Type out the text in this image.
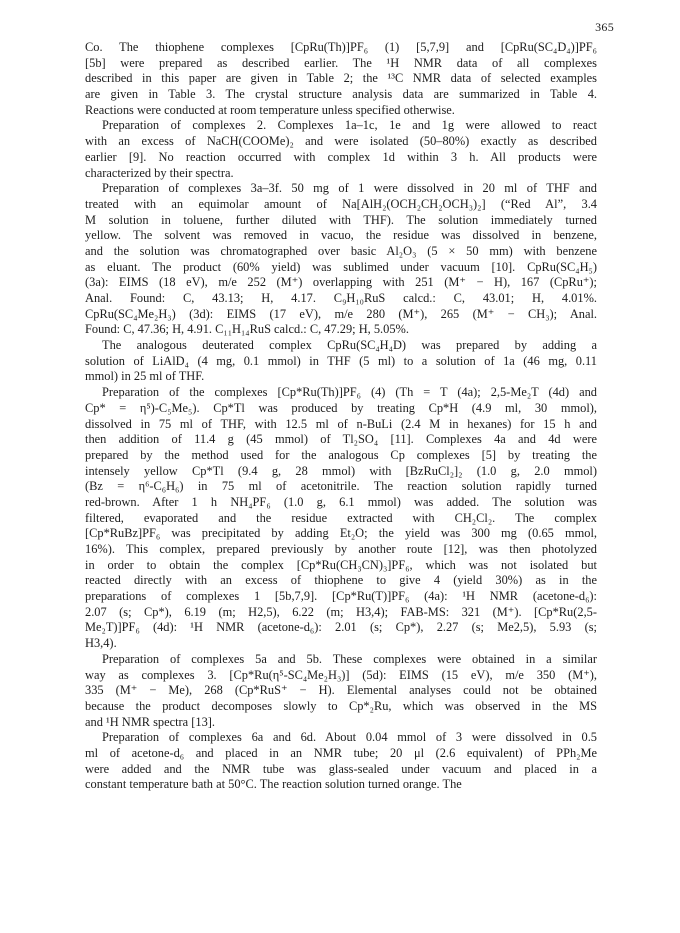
365
Co. The thiophene complexes [CpRu(Th)]PF₆ (1) [5,7,9] and [CpRu(SC₄D₄)]PF₆
[5b] were prepared as described earlier. The ¹H NMR data of all complexes
described in this paper are given in Table 2; the ¹³C NMR data of selected examples
are given in Table 3. The crystal structure analysis data are summarized in Table 4.
Reactions were conducted at room temperature unless specified otherwise.
Preparation of complexes 2. Complexes 1a–1c, 1e and 1g were allowed to react
with an excess of NaCH(COOMe)₂ and were isolated (50–80%) exactly as described
earlier [9]. No reaction occurred with complex 1d within 3 h. All products were
characterized by their spectra.
Preparation of complexes 3a–3f. 50 mg of 1 were dissolved in 20 ml of THF and
treated with an equimolar amount of Na[AlH₂(OCH₂CH₂OCH₃)₂] (“Red Al”, 3.4
M solution in toluene, further diluted with THF). The solution immediately turned
yellow. The solvent was removed in vacuo, the residue was dissolved in benzene,
and the solution was chromatographed over basic Al₂O₃ (5 × 50 mm) with benzene
as eluant. The product (60% yield) was sublimed under vacuum [10]. CpRu(SC₄H₅)
(3a): EIMS (18 eV), m/e 252 (M⁺) overlapping with 251 (M⁺ − H), 167 (CpRu⁺);
Anal. Found: C, 43.13; H, 4.17. C₉H₁₀RuS calcd.: C, 43.01; H, 4.01%.
CpRu(SC₄Me₂H₃) (3d): EIMS (17 eV), m/e 280 (M⁺), 265 (M⁺ − CH₃); Anal.
Found: C, 47.36; H, 4.91. C₁₁H₁₄RuS calcd.: C, 47.29; H, 5.05%.
The analogous deuterated complex CpRu(SC₄H₄D) was prepared by adding a
solution of LiAlD₄ (4 mg, 0.1 mmol) in THF (5 ml) to a solution of 1a (46 mg, 0.11
mmol) in 25 ml of THF.
Preparation of the complexes [Cp*Ru(Th)]PF₆ (4) (Th = T (4a); 2,5-Me₂T (4d) and
Cp* = η⁵)-C₅Me₅). Cp*Tl was produced by treating Cp*H (4.9 ml, 30 mmol),
dissolved in 75 ml of THF, with 12.5 ml of n-BuLi (2.4 M in hexanes) for 15 h and
then addition of 11.4 g (45 mmol) of Tl₂SO₄ [11]. Complexes 4a and 4d were
prepared by the method used for the analogous Cp complexes [5] by treating the
intensely yellow Cp*Tl (9.4 g, 28 mmol) with [BzRuCl₂]₂ (1.0 g, 2.0 mmol)
(Bz = η⁶-C₆H₆) in 75 ml of acetonitrile. The reaction solution rapidly turned
red-brown. After 1 h NH₄PF₆ (1.0 g, 6.1 mmol) was added. The solution was
filtered, evaporated and the residue extracted with CH₂Cl₂. The complex
[Cp*RuBz]PF₆ was precipitated by adding Et₂O; the yield was 300 mg (0.65 mmol,
16%). This complex, prepared previously by another route [12], was then photolyzed
in order to obtain the complex [Cp*Ru(CH₃CN)₃]PF₆, which was not isolated but
reacted directly with an excess of thiophene to give 4 (yield 30%) as in the
preparations of complexes 1 [5b,7,9]. [Cp*Ru(T)]PF₆ (4a): ¹H NMR (acetone-d₆):
2.07 (s; Cp*), 6.19 (m; H2,5), 6.22 (m; H3,4); FAB-MS: 321 (M⁺). [Cp*Ru(2,5-
Me₂T)]PF₆ (4d): ¹H NMR (acetone-d₆): 2.01 (s; Cp*), 2.27 (s; Me2,5), 5.93 (s;
H3,4).
Preparation of complexes 5a and 5b. These complexes were obtained in a similar
way as complexes 3. [Cp*Ru(η⁵-SC₄Me₂H₃)] (5d): EIMS (15 eV), m/e 350 (M⁺),
335 (M⁺ − Me), 268 (Cp*RuS⁺ − H). Elemental analyses could not be obtained
because the product decomposes slowly to Cp*₂Ru, which was observed in the MS
and ¹H NMR spectra [13].
Preparation of complexes 6a and 6d. About 0.04 mmol of 3 were dissolved in 0.5
ml of acetone-d₆ and placed in an NMR tube; 20 μl (2.6 equivalent) of PPh₂Me
were added and the NMR tube was glass-sealed under vacuum and placed in a
constant temperature bath at 50°C. The reaction solution turned orange. The
